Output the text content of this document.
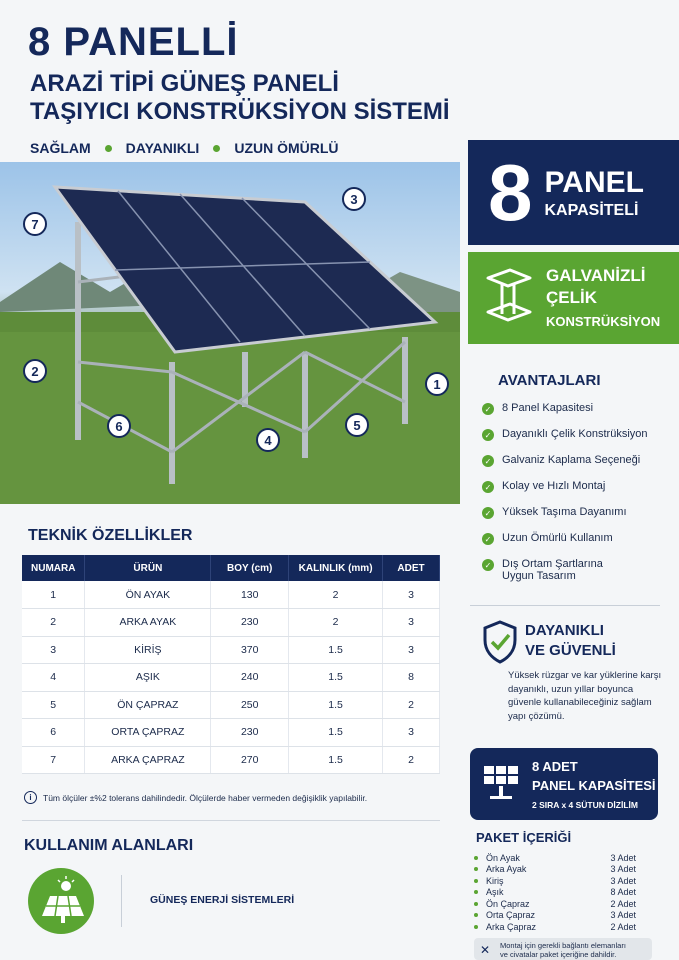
8 PANELLİ
ARAZİ TİPİ GÜNEŞ PANELİ
TAŞIYICI KONSTRÜKSİYON SİSTEMİ
SAĞLAM	DAYANIKLI	UZUN ÖMÜRLÜ
7
3
2
1
6
4
5
8 PANEL
KAPASİTELİ
GALVANİZLİ
ÇELİK
KONSTRÜKSİYON
AVANTAJLARI
✓ 8 Panel Kapasitesi
✓ Dayanıklı Çelik Konstrüksiyon
✓ Galvaniz Kaplama Seçeneği
✓ Kolay ve Hızlı Montaj
✓ Yüksek Taşıma Dayanımı
✓ Uzun Ömürlü Kullanım
✓ Dış Ortam Şartlarına
Uygun Tasarım
DAYANIKLI
VE GÜVENLİ
Yüksek rüzgar ve kar yüklerine karşı dayanıklı, uzun yıllar boyunca güvenle kullanabileceğiniz sağlam yapı çözümü.
8 ADET
PANEL KAPASİTESİ
2 SIRA x 4 SÜTUN DİZİLİM
PAKET İÇERİĞİ
Ön Ayak	3 Adet
Arka Ayak	3 Adet
Kiriş	3 Adet
Aşık	8 Adet
Ön Çapraz	2 Adet
Orta Çapraz	3 Adet
Arka Çapraz	2 Adet
✕ Montaj için gerekli bağlantı elemanları
ve civatalar paket içeriğine dahildir.
TEKNİK ÖZELLİKLER
NUMARA	ÜRÜN	BOY (cm)	KALINLIK (mm)	ADET
1	ÖN AYAK	130	2	3
2	ARKA AYAK	230	2	3
3	KİRİŞ	370	1.5	3
4	AŞIK	240	1.5	8
5	ÖN ÇAPRAZ	250	1.5	2
6	ORTA ÇAPRAZ	230	1.5	3
7	ARKA ÇAPRAZ	270	1.5	2
i	Tüm ölçüler ±%2 tolerans dahilindedir. Ölçülerde haber vermeden değişiklik yapılabilir.
KULLANIM ALANLARI
GÜNEŞ ENERJİ SİSTEMLERİ
